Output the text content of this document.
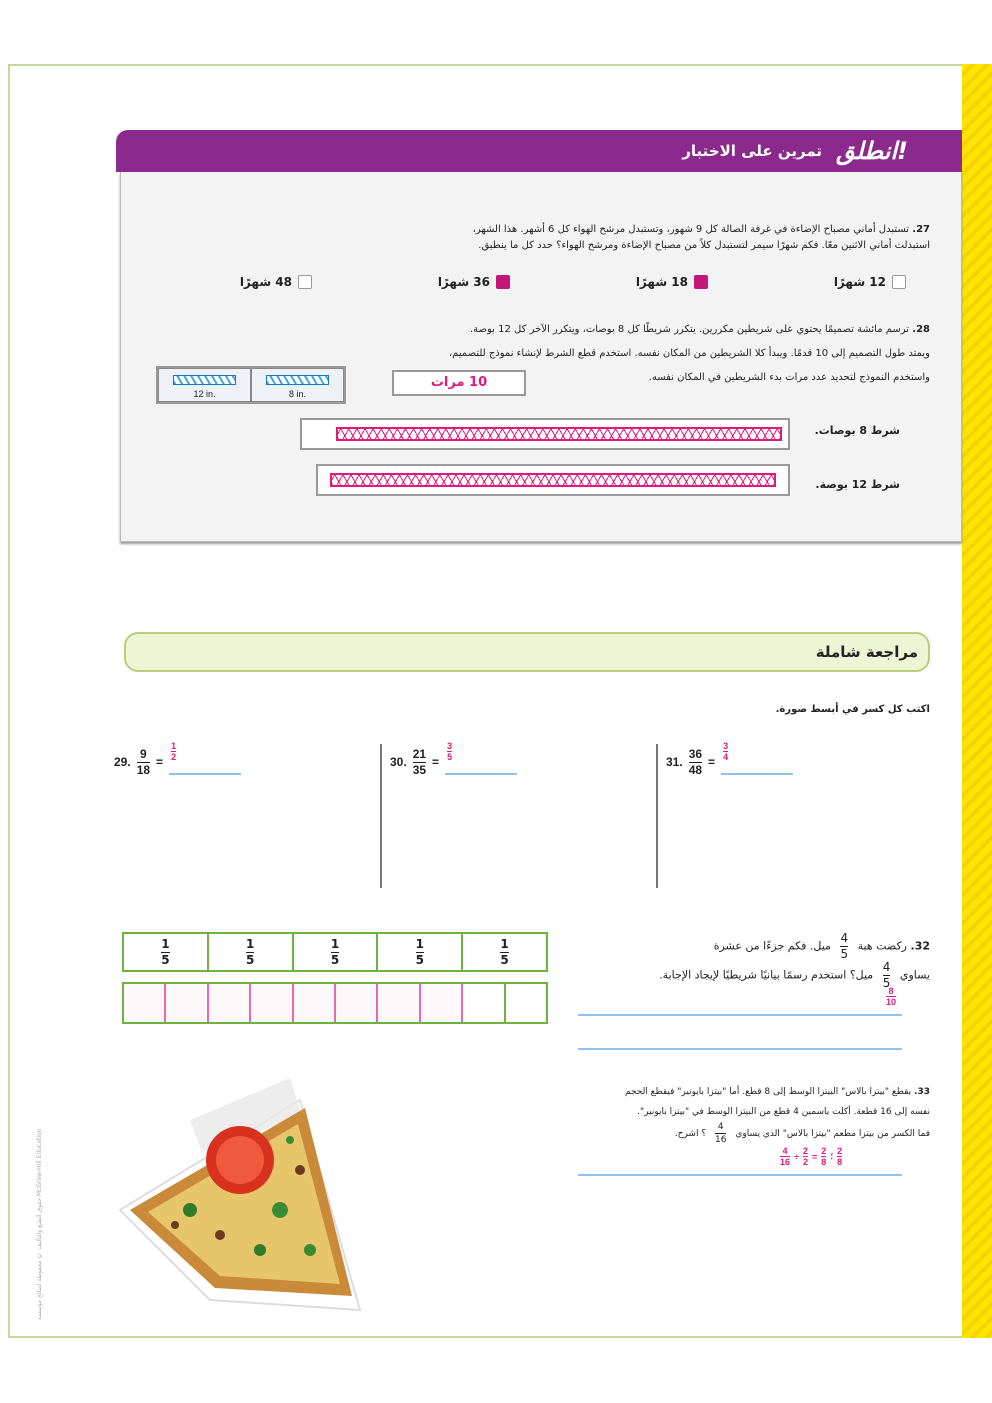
حقوق الطبع والتأليف © محفوظة لصالح مؤسسة McGraw-Hill Education
انطلق!
تمرين على الاختبار
27. تستبدل أماني مصباح الإضاءة في غرفة الصالة كل 9 شهور، وتستبدل مرشح الهواء كل 6 أشهر. هذا الشهر،
استبدلت أماني الاثنين معًا. فكم شهرًا سيمر لتستبدل كلاً من مصباح الإضاءة ومرشح الهواء؟ حدد كل ما ينطبق.
12 شهرًا
18 شهرًا
36 شهرًا
48 شهرًا
28. ترسم مائشة تصميمًا يحتوي على شريطين مكررين. يتكرر شريطًا كل 8 بوصات، ويتكرر الآخر كل 12 بوصة.
ويمتد طول التصميم إلى 10 قدمًا. ويبدأ كلا الشريطين من المكان نفسه. استخدم قطع الشرط لإنشاء نموذج للتصميم،
واستخدم النموذج لتحديد عدد مرات بدء الشريطين في المكان نفسه.
12 in.	8 in.
10 مرات
شرط 8 بوصات.
شرط 12 بوصة.
مراجعة شاملة
اكتب كل كسر في أبسط صورة.
29. $\frac{9}{18}$ =
1
2	30. $\frac{21}{35}$ =
3
5	31. $\frac{36}{48}$ =
3
4
$\frac{1}{5}$	$\frac{1}{5}$	$\frac{1}{5}$	$\frac{1}{5}$	$\frac{1}{5}$	32. ركضت هبة
$\frac{4}{5}$
ميل. فكم جزءًا من عشرة
يساوي
$\frac{4}{5}$
ميل؟ استخدم رسمًا بيانيًا شريطيًا لإيجاد الإجابة.
8
10
33. يقطع "بيتزا بالاس" البيتزا الوسط إلى 8 قطع. أما "بيتزا بايونير" فيقطع الحجم
نفسه إلى 16 قطعة. أكلت ياسمين 4 قطع من البيتزا الوسط في "بيتزا بايونير".
فما الكسر من بيتزا مطعم "بيتزا بالاس" الذي يساوي
$\frac{4}{16}$
؟ اشرح.
$\frac{4}{16} \div \frac{2}{2} = \frac{2}{8}$ ؛ $\frac{2}{8}$
